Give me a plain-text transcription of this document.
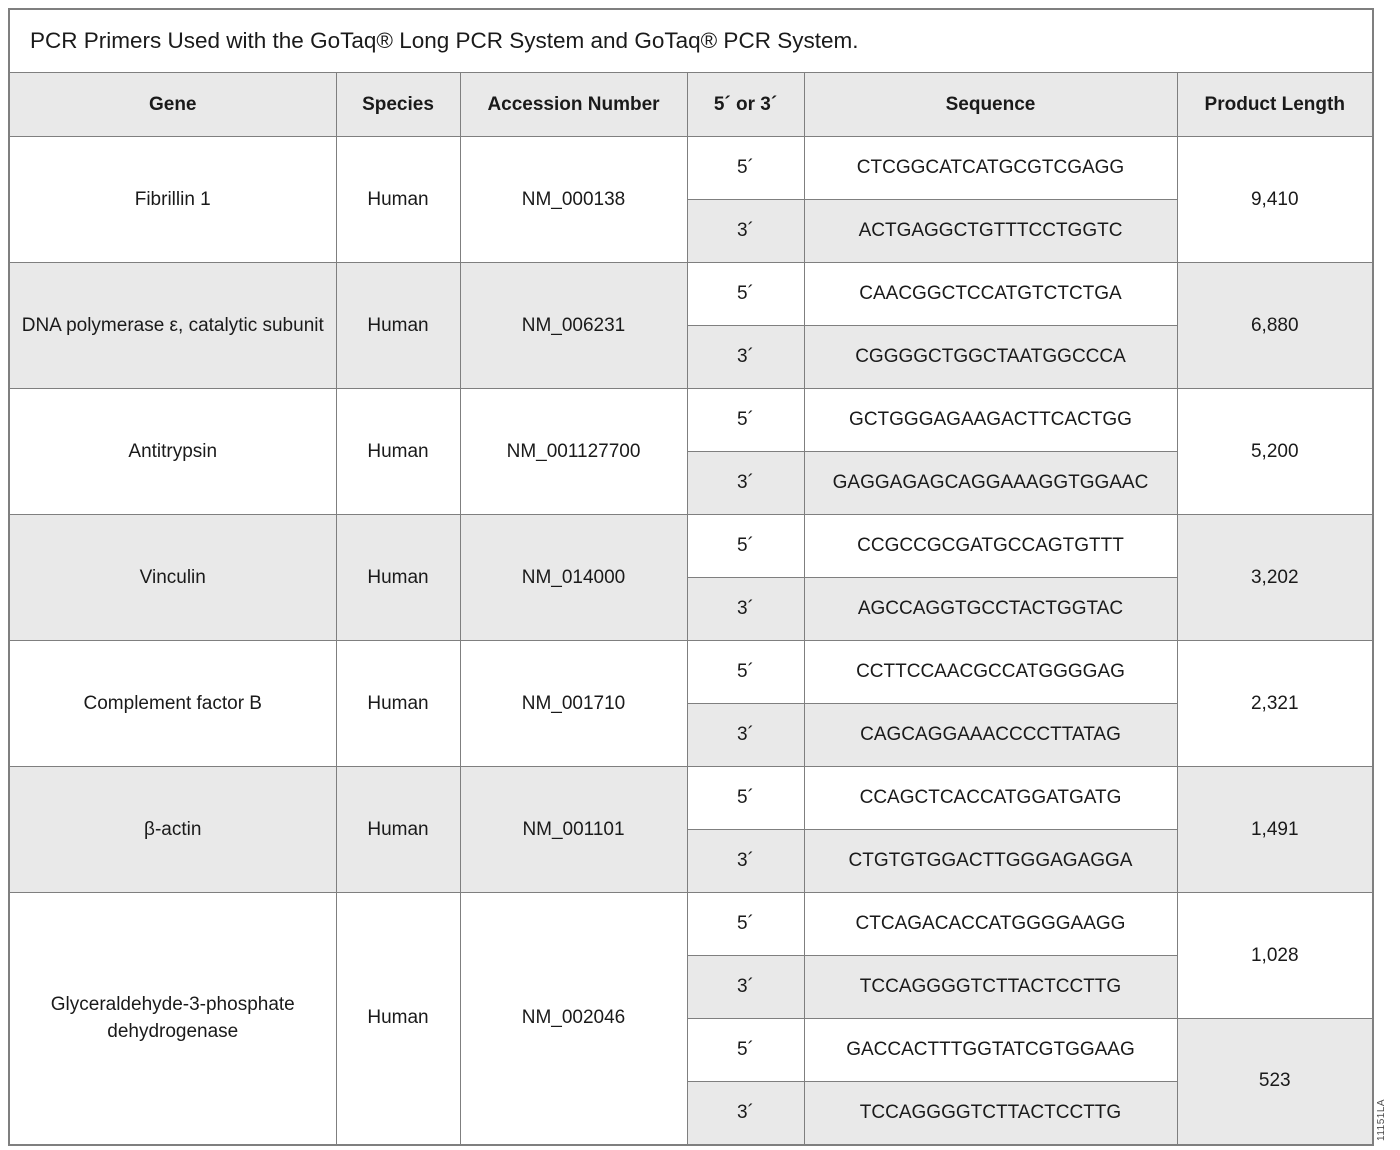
PCR Primers Used with the GoTaq® Long PCR System and GoTaq® PCR System.					
Gene	Species	Accession Number	5´ or 3´	Sequence	Product Length
Fibrillin 1	Human	NM_000138	5´	CTCGGCATCATGCGTCGAGG	9,410
			3´	ACTGAGGCTGTTTCCTGGTC	
DNA polymerase ε, catalytic subunit	Human	NM_006231	5´	CAACGGCTCCATGTCTCTGA	6,880
			3´	CGGGGCTGGCTAATGGCCCA	
Antitrypsin	Human	NM_001127700	5´	GCTGGGAGAAGACTTCACTGG	5,200
			3´	GAGGAGAGCAGGAAAGGTGGAAC	
Vinculin	Human	NM_014000	5´	CCGCCGCGATGCCAGTGTTT	3,202
			3´	AGCCAGGTGCCTACTGGTAC	
Complement factor B	Human	NM_001710	5´	CCTTCCAACGCCATGGGGAG	2,321
			3´	CAGCAGGAAACCCCTTATAG	
β-actin	Human	NM_001101	5´	CCAGCTCACCATGGATGATG	1,491
			3´	CTGTGTGGACTTGGGAGAGGA	
Glyceraldehyde-3-phosphate dehydrogenase	Human	NM_002046	5´	CTCAGACACCATGGGGAAGG	1,028
			3´	TCCAGGGGTCTTACTCCTTG	
			5´	GACCACTTTGGTATCGTGGAAG	523
			3´	TCCAGGGGTCTTACTCCTTG		11151LA
